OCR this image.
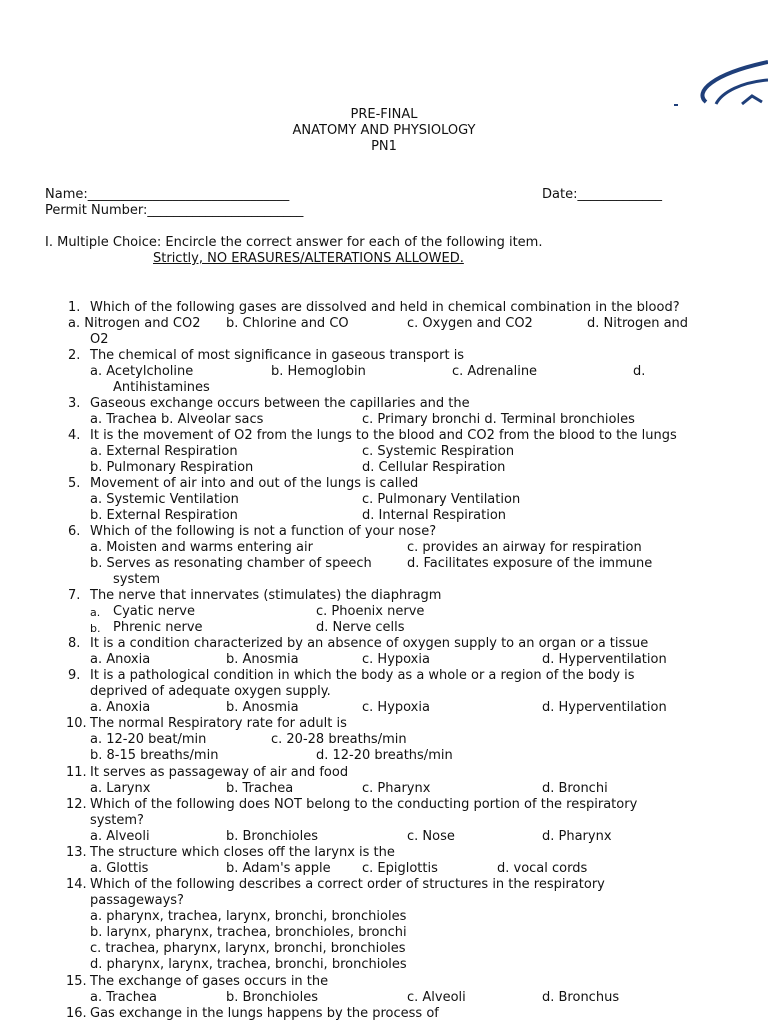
PRE-FINAL
ANATOMY AND PHYSIOLOGY
PN1
Name:_______________________________	Date:_____________
Permit Number:________________________
I. Multiple Choice: Encircle the correct answer for each of the following item.
Strictly, NO ERASURES/ALTERATIONS ALLOWED.
1. Which of the following gases are dissolved and held in chemical combination in the blood?
a. Nitrogen and CO2 b. Chlorine and CO	c. Oxygen and CO2	d. Nitrogen and
O2
2. The chemical of most significance in gaseous transport is
a. Acetylcholine	b. Hemoglobin	c. Adrenaline	d.
Antihistamines
3. Gaseous exchange occurs between the capillaries and the
a. Trachea b. Alveolar sacs	c. Primary bronchi d. Terminal bronchioles
4. It is the movement of O2 from the lungs to the blood and CO2 from the blood to the lungs
a. External Respiration	c. Systemic Respiration
b. Pulmonary Respiration	d. Cellular Respiration
5. Movement of air into and out of the lungs is called
a. Systemic Ventilation	c. Pulmonary Ventilation
b. External Respiration	d. Internal Respiration
6. Which of the following is not a function of your nose?
a. Moisten and warms entering air	c. provides an airway for respiration
b. Serves as resonating chamber of speech	d. Facilitates exposure of the immune
system
7. The nerve that innervates (stimulates) the diaphragm
a. Cyatic nerve	c. Phoenix nerve
b. Phrenic nerve	d. Nerve cells
8. It is a condition characterized by an absence of oxygen supply to an organ or a tissue
a. Anoxia	b. Anosmia	c. Hypoxia	d. Hyperventilation
9. It is a pathological condition in which the body as a whole or a region of the body is
deprived of adequate oxygen supply.
a. Anoxia	b. Anosmia	c. Hypoxia	d. Hyperventilation
10. The normal Respiratory rate for adult is
a. 12-20 beat/min	c. 20-28 breaths/min
b. 8-15 breaths/min	d. 12-20 breaths/min
11. It serves as passageway of air and food
a. Larynx	b. Trachea	c. Pharynx	d. Bronchi
12. Which of the following does NOT belong to the conducting portion of the respiratory
system?
a. Alveoli	b. Bronchioles	c. Nose	d. Pharynx
13. The structure which closes off the larynx is the
a. Glottis	b. Adam's apple c. Epiglottis	d. vocal cords
14. Which of the following describes a correct order of structures in the respiratory
passageways?
a. pharynx, trachea, larynx, bronchi, bronchioles
b. larynx, pharynx, trachea, bronchioles, bronchi
c. trachea, pharynx, larynx, bronchi, bronchioles
d. pharynx, larynx, trachea, bronchi, bronchioles
15. The exchange of gases occurs in the
a. Trachea	b. Bronchioles	c. Alveoli	d. Bronchus
16. Gas exchange in the lungs happens by the process of
